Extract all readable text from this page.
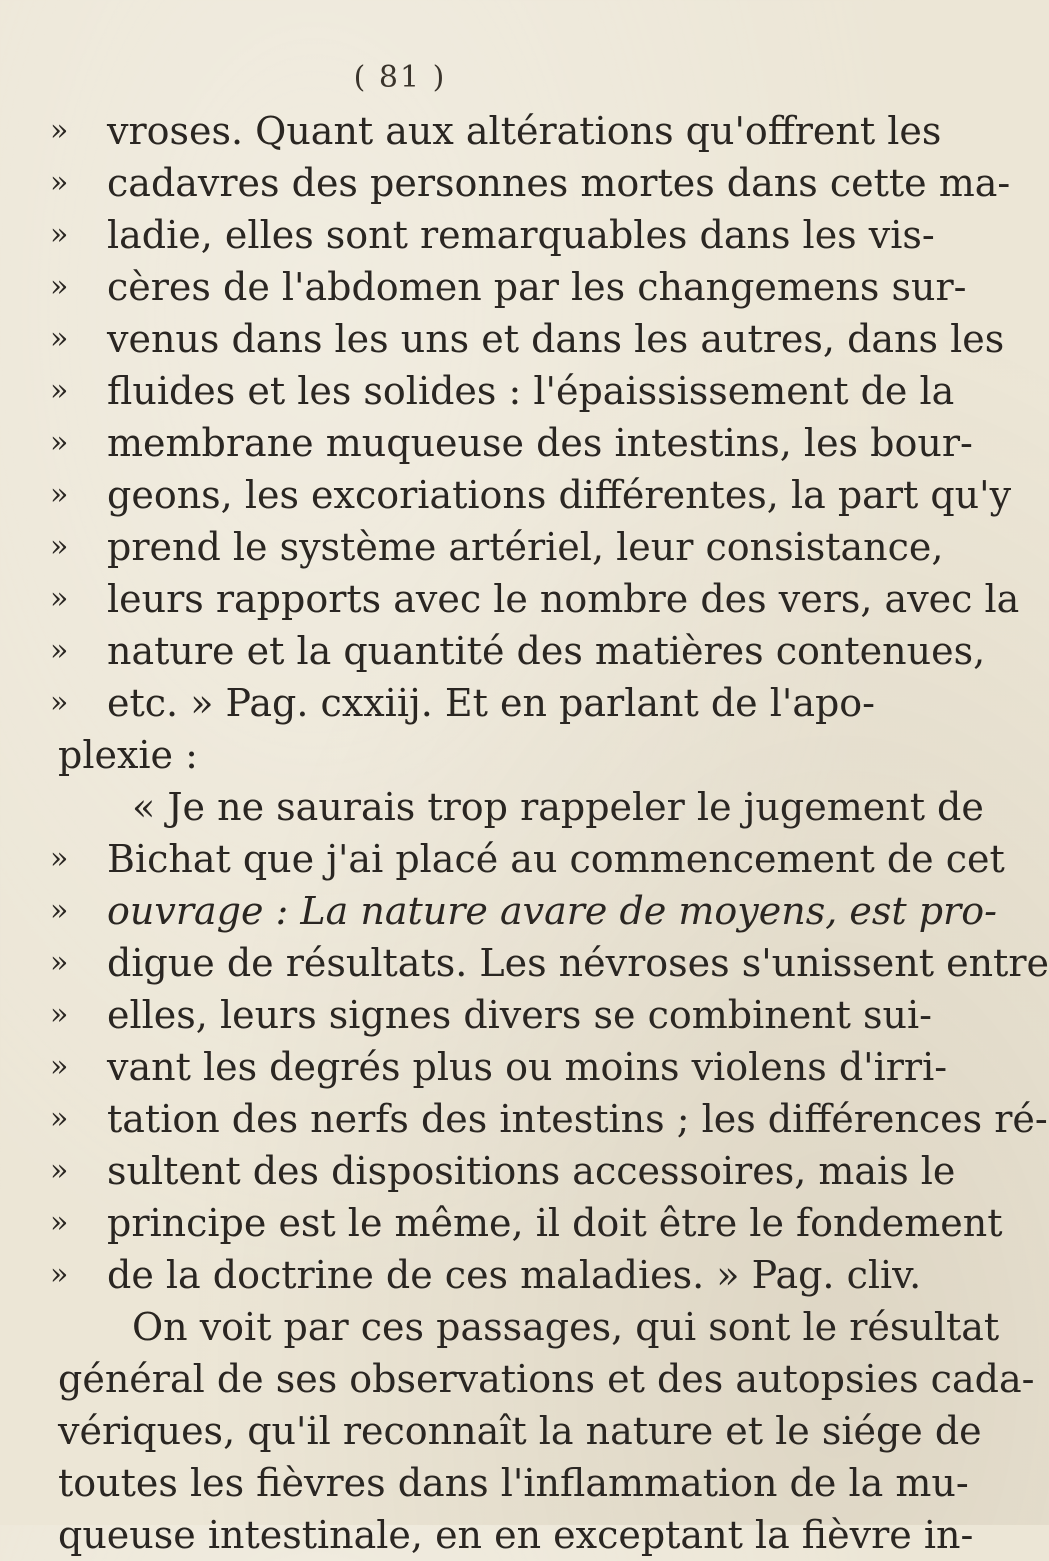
( 81 )
»	vroses. Quant aux altérations qu'offrent les
»	cadavres des personnes mortes dans cette ma-
»	ladie, elles sont remarquables dans les vis-
»	cères de l'abdomen par les changemens sur-
»	venus dans les uns et dans les autres, dans les
»	fluides et les solides : l'épaississement de la
»	membrane muqueuse des intestins, les bour-
»	geons, les excoriations différentes, la part qu'y
»	prend le système artériel, leur consistance,
»	leurs rapports avec le nombre des vers, avec la
»	nature et la quantité des matières contenues,
»	etc. » Pag. cxxiij. Et en parlant de l'apo-
plexie :
« Je ne saurais trop rappeler le jugement de
»	Bichat que j'ai placé au commencement de cet
»	ouvrage : La nature avare de moyens, est pro-
»	digue de résultats. Les névroses s'unissent entre
»	elles, leurs signes divers se combinent sui-
»	vant les degrés plus ou moins violens d'irri-
»	tation des nerfs des intestins ; les différences ré-
»	sultent des dispositions accessoires, mais le
»	principe est le même, il doit être le fondement
»	de la doctrine de ces maladies. » Pag. cliv.
On voit par ces passages, qui sont le résultat
général de ses observations et des autopsies cada-
vériques, qu'il reconnaît la nature et le siége de
toutes les fièvres dans l'inflammation de la mu-
queuse intestinale, en en exceptant la fièvre in-
